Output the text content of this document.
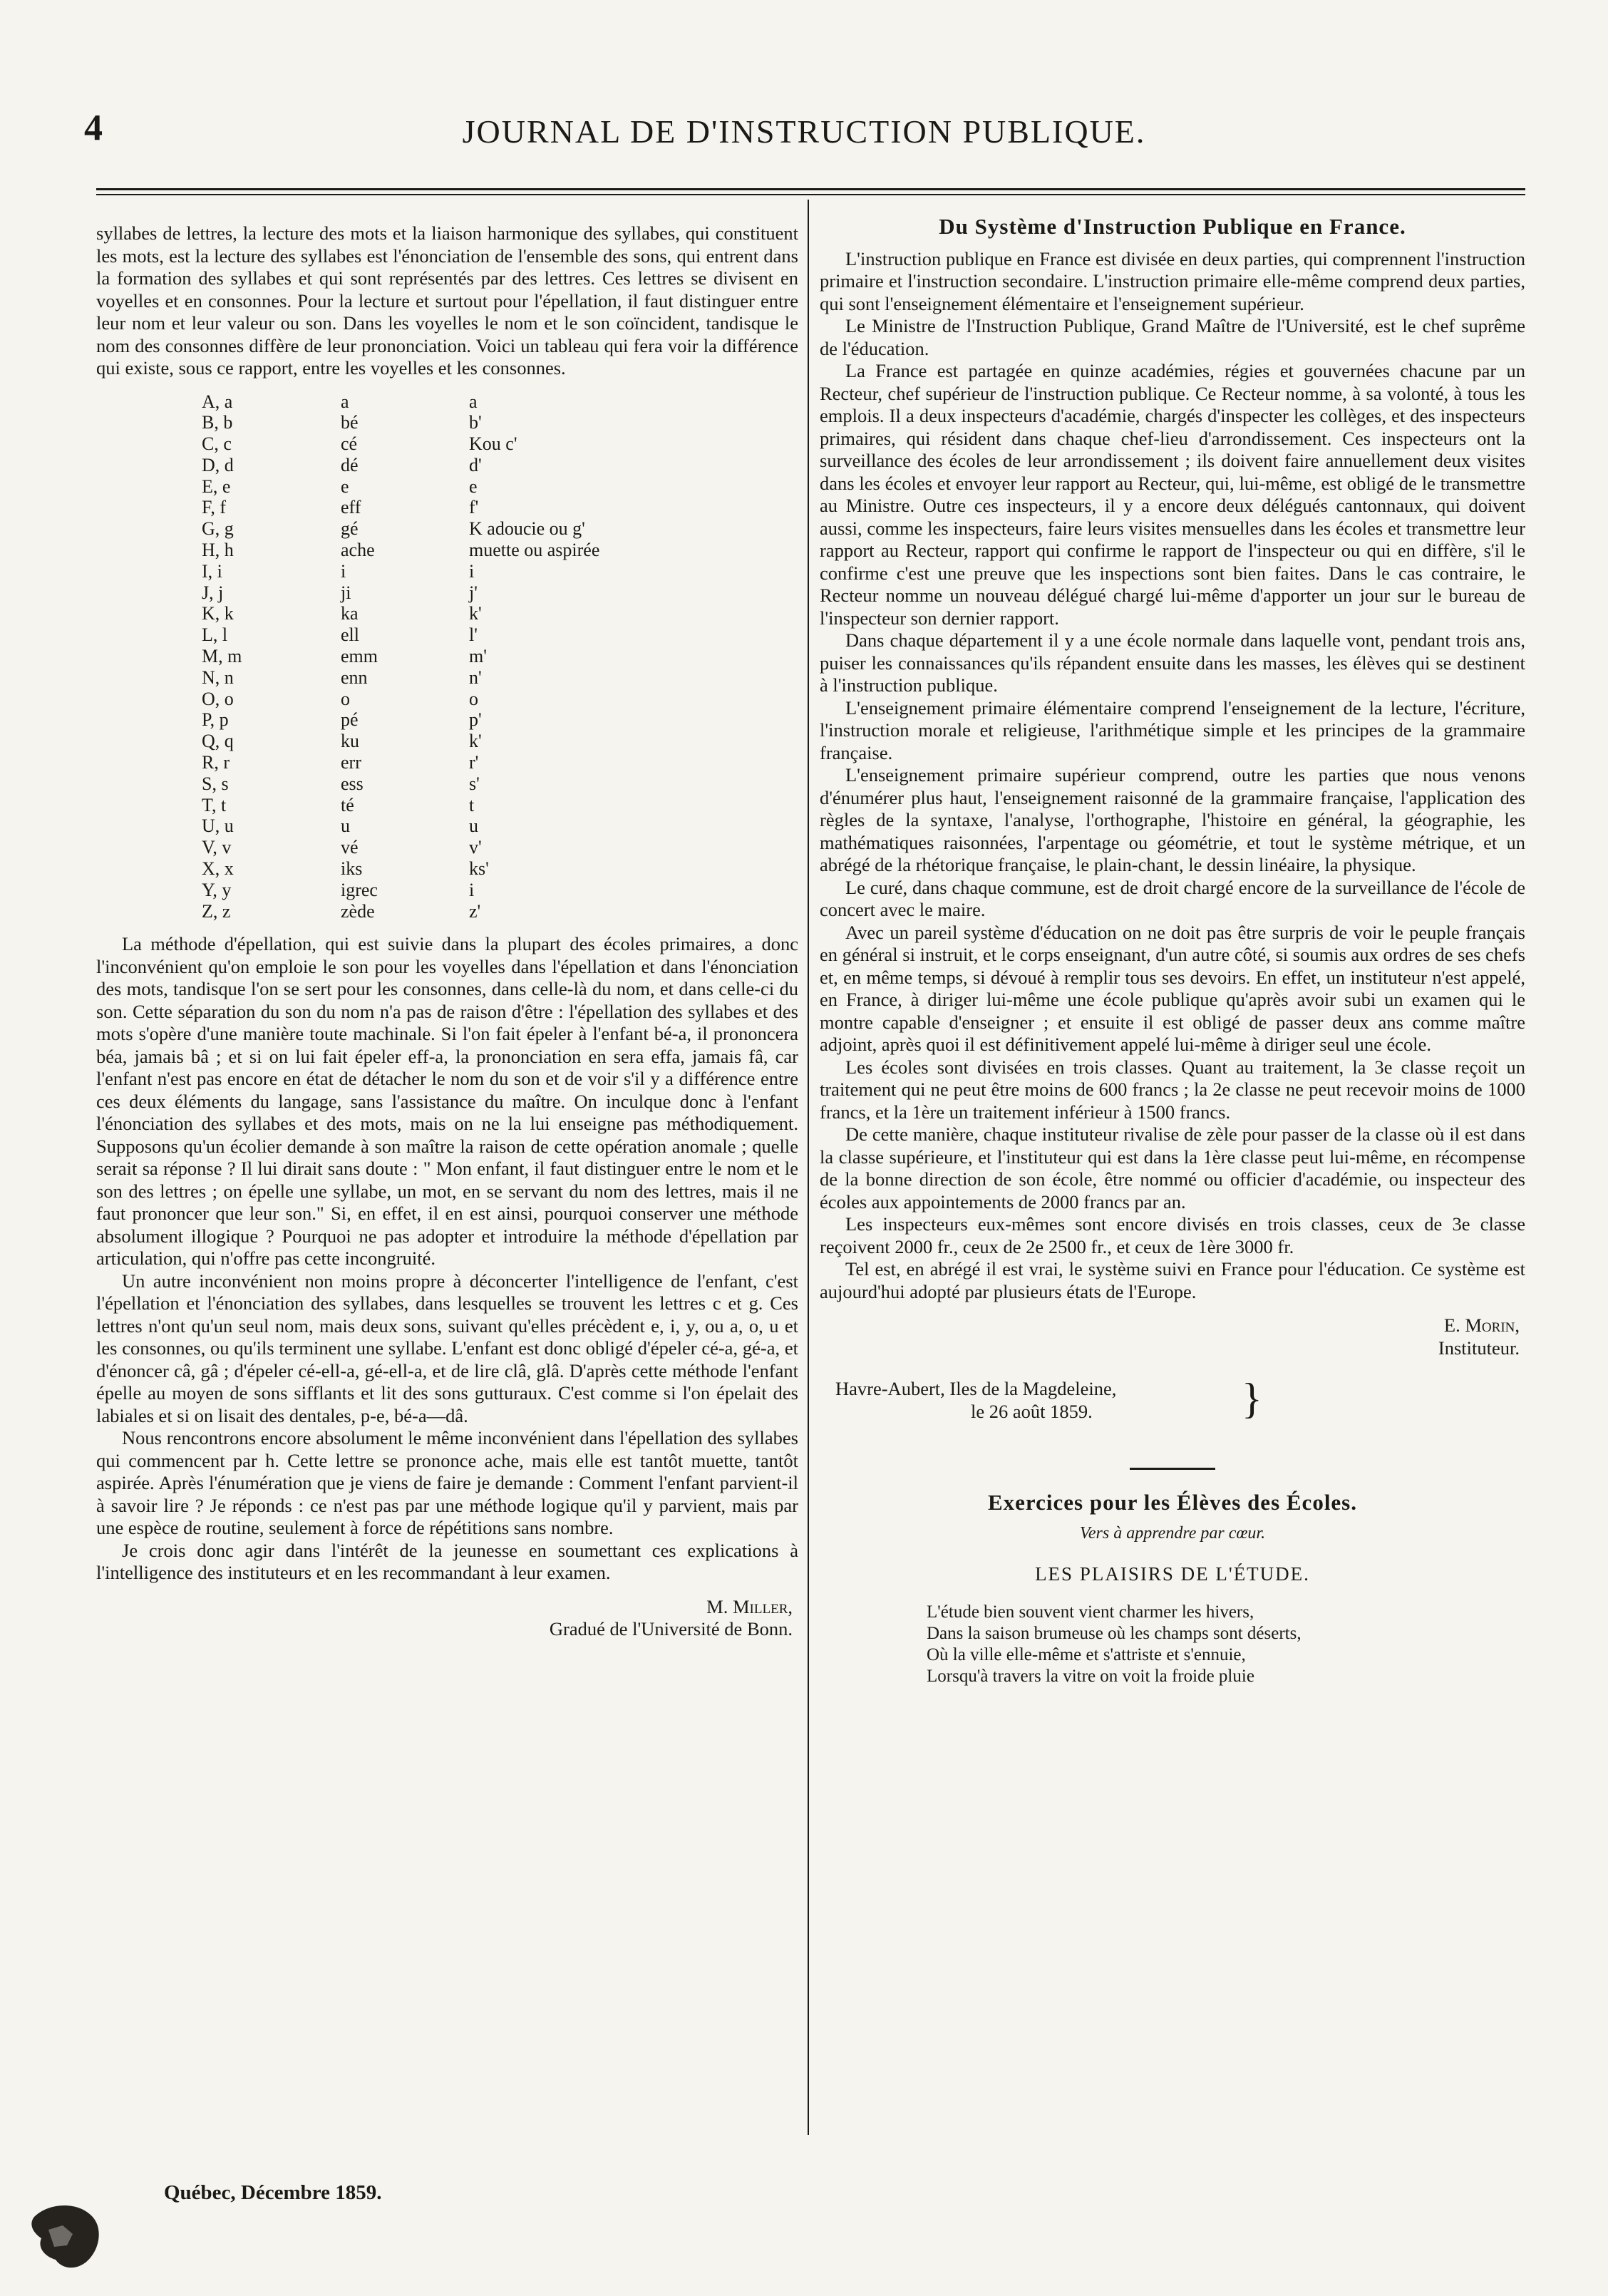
4	JOURNAL DE D'INSTRUCTION PUBLIQUE.

syllabes de lettres, la lecture des mots et la liaison harmonique des syllabes, qui constituent les mots, est la lecture des syllabes est l'énonciation de l'ensemble des sons, qui entrent dans la formation des syllabes et qui sont représentés par des lettres. Ces lettres se divisent en voyelles et en consonnes. Pour la lecture et surtout pour l'épellation, il faut distinguer entre leur nom et leur valeur ou son. Dans les voyelles le nom et le son coïncident, tandisque le nom des consonnes diffère de leur prononciation. Voici un tableau qui fera voir la différence qui existe, sous ce rapport, entre les voyelles et les consonnes.

A, a	a	a
B, b	bé	b'
C, c	cé	Kou c'
D, d	dé	d'
E, e	e	e
F, f	eff	f'
G, g	gé	K adoucie ou g'
H, h	ache	muette ou aspirée
I, i	i	i
J, j	ji	j'
K, k	ka	k'
L, l	ell	l'
M, m	emm	m'
N, n	enn	n'
O, o	o	o
P, p	pé	p'
Q, q	ku	k'
R, r	err	r'
S, s	ess	s'
T, t	té	t
U, u	u	u
V, v	vé	v'
X, x	iks	ks'
Y, y	igrec	i
Z, z	zède	z'

La méthode d'épellation, qui est suivie dans la plupart des écoles primaires, a donc l'inconvénient qu'on emploie le son pour les voyelles dans l'épellation et dans l'énonciation des mots, tandisque l'on se sert pour les consonnes, dans celle-là du nom, et dans celle-ci du son. Cette séparation du son du nom n'a pas de raison d'être : l'épellation des syllabes et des mots s'opère d'une manière toute machinale. Si l'on fait épeler à l'enfant bé-a, il prononcera béa, jamais bâ ; et si on lui fait épeler eff-a, la prononciation en sera effa, jamais fâ, car l'enfant n'est pas encore en état de détacher le nom du son et de voir s'il y a différence entre ces deux éléments du langage, sans l'assistance du maître. On inculque donc à l'enfant l'énonciation des syllabes et des mots, mais on ne la lui enseigne pas méthodiquement. Supposons qu'un écolier demande à son maître la raison de cette opération anomale ; quelle serait sa réponse ? Il lui dirait sans doute : " Mon enfant, il faut distinguer entre le nom et le son des lettres ; on épelle une syllabe, un mot, en se servant du nom des lettres, mais il ne faut prononcer que leur son." Si, en effet, il en est ainsi, pourquoi conserver une méthode absolument illogique ? Pourquoi ne pas adopter et introduire la méthode d'épellation par articulation, qui n'offre pas cette incongruité.

Un autre inconvénient non moins propre à déconcerter l'intelligence de l'enfant, c'est l'épellation et l'énonciation des syllabes, dans lesquelles se trouvent les lettres c et g. Ces lettres n'ont qu'un seul nom, mais deux sons, suivant qu'elles précèdent e, i, y, ou a, o, u et les consonnes, ou qu'ils terminent une syllabe. L'enfant est donc obligé d'épeler cé-a, gé-a, et d'énoncer câ, gâ ; d'épeler cé-ell-a, gé-ell-a, et de lire clâ, glâ. D'après cette méthode l'enfant épelle au moyen de sons sifflants et lit des sons gutturaux. C'est comme si l'on épelait des labiales et si on lisait des dentales, p-e, bé-a—dâ.

Nous rencontrons encore absolument le même inconvénient dans l'épellation des syllabes qui commencent par h. Cette lettre se prononce ache, mais elle est tantôt muette, tantôt aspirée. Après l'énumération que je viens de faire je demande : Comment l'enfant parvient-il à savoir lire ? Je réponds : ce n'est pas par une méthode logique qu'il y parvient, mais par une espèce de routine, seulement à force de répétitions sans nombre.

Je crois donc agir dans l'intérêt de la jeunesse en soumettant ces explications à l'intelligence des instituteurs et en les recommandant à leur examen.

M. Miller,
Gradué de l'Université de Bonn.
Québec, Décembre 1859.
Du Système d'Instruction Publique en France.

L'instruction publique en France est divisée en deux parties, qui comprennent l'instruction primaire et l'instruction secondaire. L'instruction primaire elle-même comprend deux parties, qui sont l'enseignement élémentaire et l'enseignement supérieur.

Le Ministre de l'Instruction Publique, Grand Maître de l'Université, est le chef suprême de l'éducation.

La France est partagée en quinze académies, régies et gouvernées chacune par un Recteur, chef supérieur de l'instruction publique. Ce Recteur nomme, à sa volonté, à tous les emplois. Il a deux inspecteurs d'académie, chargés d'inspecter les collèges, et des inspecteurs primaires, qui résident dans chaque chef-lieu d'arrondissement. Ces inspecteurs ont la surveillance des écoles de leur arrondissement ; ils doivent faire annuellement deux visites dans les écoles et envoyer leur rapport au Recteur, qui, lui-même, est obligé de le transmettre au Ministre. Outre ces inspecteurs, il y a encore deux délégués cantonnaux, qui doivent aussi, comme les inspecteurs, faire leurs visites mensuelles dans les écoles et transmettre leur rapport au Recteur, rapport qui confirme le rapport de l'inspecteur ou qui en diffère, s'il le confirme c'est une preuve que les inspections sont bien faites. Dans le cas contraire, le Recteur nomme un nouveau délégué chargé lui-même d'apporter un jour sur le bureau de l'inspecteur son dernier rapport.

Dans chaque département il y a une école normale dans laquelle vont, pendant trois ans, puiser les connaissances qu'ils répandent ensuite dans les masses, les élèves qui se destinent à l'instruction publique.

L'enseignement primaire élémentaire comprend l'enseignement de la lecture, l'écriture, l'instruction morale et religieuse, l'arithmétique simple et les principes de la grammaire française.

L'enseignement primaire supérieur comprend, outre les parties que nous venons d'énumérer plus haut, l'enseignement raisonné de la grammaire française, l'application des règles de la syntaxe, l'analyse, l'orthographe, l'histoire en général, la géographie, les mathématiques raisonnées, l'arpentage ou géométrie, et tout le système métrique, et un abrégé de la rhétorique française, le plain-chant, le dessin linéaire, la physique.

Le curé, dans chaque commune, est de droit chargé encore de la surveillance de l'école de concert avec le maire.

Avec un pareil système d'éducation on ne doit pas être surpris de voir le peuple français en général si instruit, et le corps enseignant, d'un autre côté, si soumis aux ordres de ses chefs et, en même temps, si dévoué à remplir tous ses devoirs. En effet, un instituteur n'est appelé, en France, à diriger lui-même une école publique qu'après avoir subi un examen qui le montre capable d'enseigner ; et ensuite il est obligé de passer deux ans comme maître adjoint, après quoi il est définitivement appelé lui-même à diriger seul une école.

Les écoles sont divisées en trois classes. Quant au traitement, la 3e classe reçoit un traitement qui ne peut être moins de 600 francs ; la 2e classe ne peut recevoir moins de 1000 francs, et la 1ère un traitement inférieur à 1500 francs.

De cette manière, chaque instituteur rivalise de zèle pour passer de la classe où il est dans la classe supérieure, et l'instituteur qui est dans la 1ère classe peut lui-même, en récompense de la bonne direction de son école, être nommé ou officier d'académie, ou inspecteur des écoles aux appointements de 2000 francs par an.

Les inspecteurs eux-mêmes sont encore divisés en trois classes, ceux de 3e classe reçoivent 2000 fr., ceux de 2e 2500 fr., et ceux de 1ère 3000 fr.

Tel est, en abrégé il est vrai, le système suivi en France pour l'éducation. Ce système est aujourd'hui adopté par plusieurs états de l'Europe.

E. Morin,
Instituteur.
Havre-Aubert, Iles de la Magdeleine,
le 26 août 1859.	}
Exercices pour les Élèves des Écoles.
Vers à apprendre par cœur.
LES PLAISIRS DE L'ÉTUDE.
L'étude bien souvent vient charmer les hivers,
Dans la saison brumeuse où les champs sont déserts,
Où la ville elle-même et s'attriste et s'ennuie,
Lorsqu'à travers la vitre on voit la froide pluie
